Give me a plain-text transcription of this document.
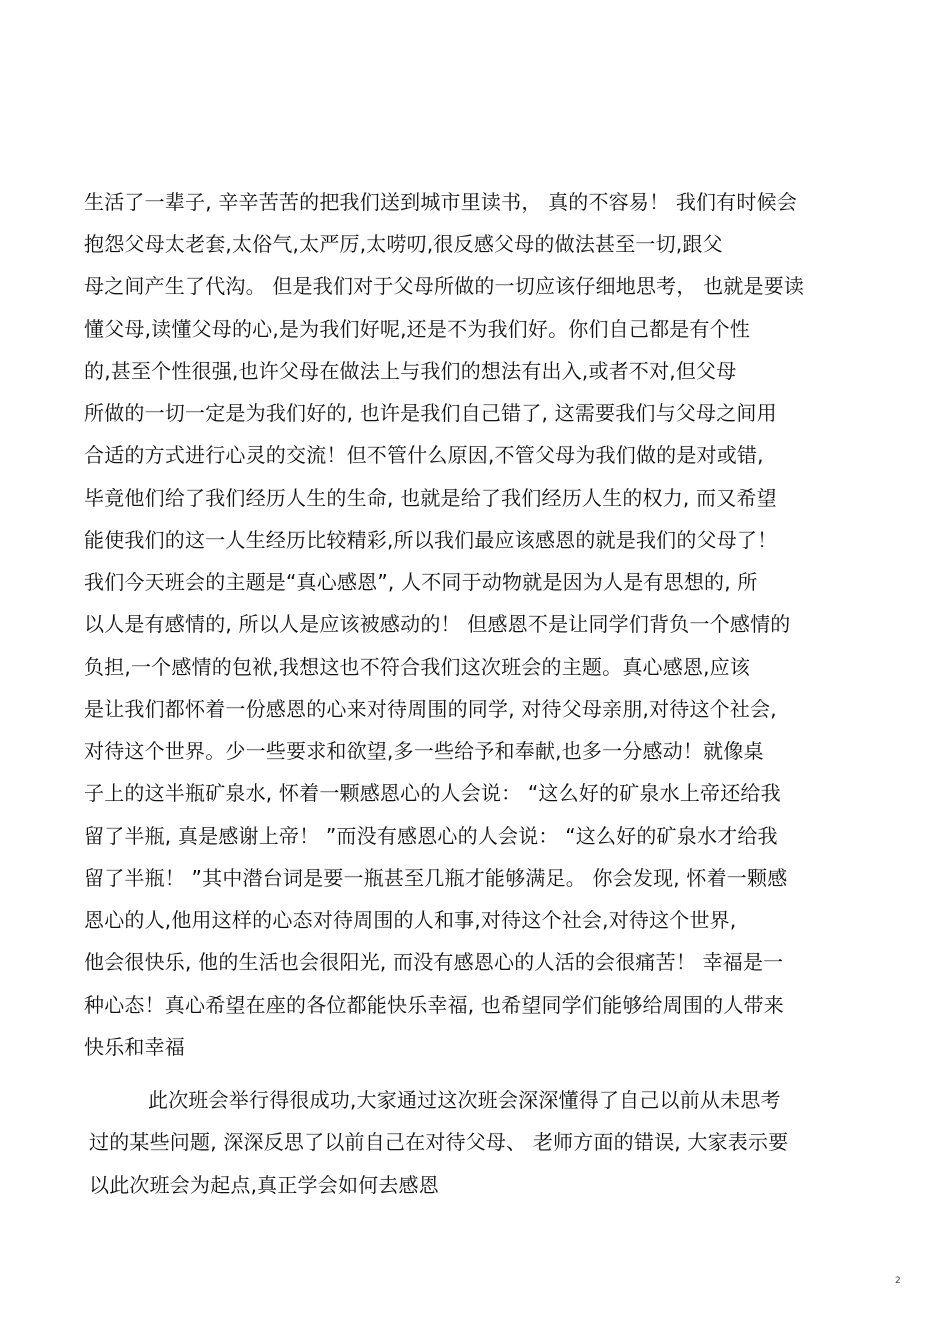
生活了一辈子, 辛辛苦苦的把我们送到城市里读书， 真的不容易！ 我们有时候会
抱怨父母太老套,太俗气,太严厉,太唠叨,很反感父母的做法甚至一切,跟父
母之间产生了代沟。 但是我们对于父母所做的一切应该仔细地思考， 也就是要读
懂父母,读懂父母的心,是为我们好呢,还是不为我们好。你们自己都是有个性
的,甚至个性很强,也许父母在做法上与我们的想法有出入,或者不对,但父母
所做的一切一定是为我们好的, 也许是我们自己错了, 这需要我们与父母之间用
合适的方式进行心灵的交流！但不管什么原因,不管父母为我们做的是对或错,
毕竟他们给了我们经历人生的生命, 也就是给了我们经历人生的权力, 而又希望
能使我们的这一人生经历比较精彩,所以我们最应该感恩的就是我们的父母了！
我们今天班会的主题是“真心感恩”, 人不同于动物就是因为人是有思想的, 所
以人是有感情的, 所以人是应该被感动的！ 但感恩不是让同学们背负一个感情的
负担,一个感情的包袱,我想这也不符合我们这次班会的主题。真心感恩,应该
是让我们都怀着一份感恩的心来对待周围的同学, 对待父母亲朋,对待这个社会,
对待这个世界。少一些要求和欲望,多一些给予和奉献,也多一分感动！就像桌
子上的这半瓶矿泉水, 怀着一颗感恩心的人会说： “这么好的矿泉水上帝还给我
留了半瓶, 真是感谢上帝！ ”而没有感恩心的人会说： “这么好的矿泉水才给我
留了半瓶！ ”其中潜台词是要一瓶甚至几瓶才能够满足。 你会发现, 怀着一颗感
恩心的人,他用这样的心态对待周围的人和事,对待这个社会,对待这个世界,
他会很快乐, 他的生活也会很阳光, 而没有感恩心的人活的会很痛苦！ 幸福是一
种心态！真心希望在座的各位都能快乐幸福, 也希望同学们能够给周围的人带来
快乐和幸福
此次班会举行得很成功,大家通过这次班会深深懂得了自己以前从未思考
过的某些问题, 深深反思了以前自己在对待父母、 老师方面的错误, 大家表示要
以此次班会为起点,真正学会如何去感恩
2
